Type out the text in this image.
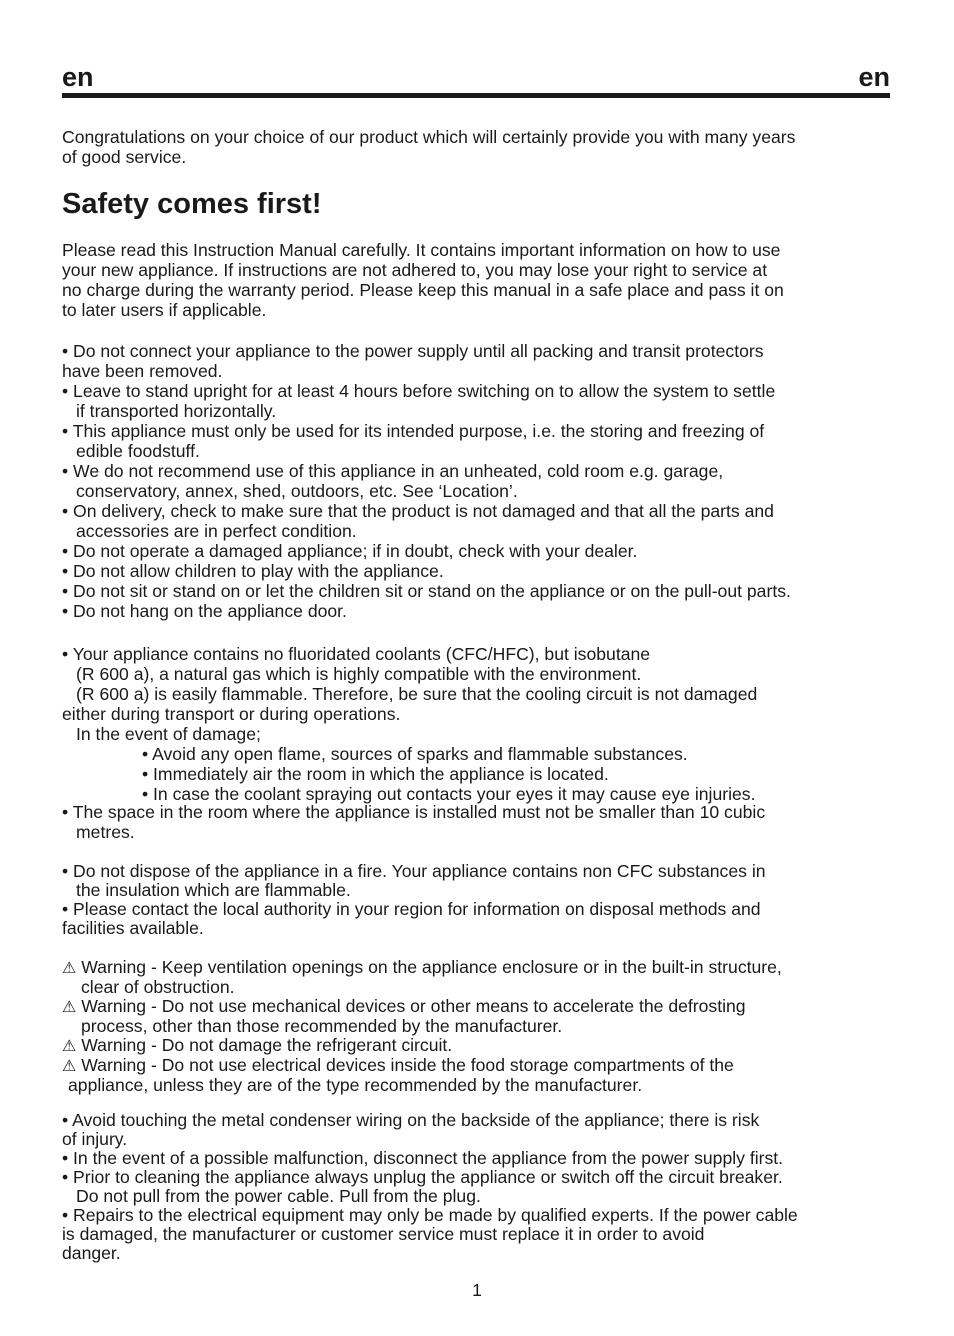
en	en

Congratulations on your choice of our product which will certainly provide you with many years

of good service.

Safety comes first!

Please read this Instruction Manual carefully. It contains important information on how to use

your new appliance. If instructions are not adhered to, you may lose your right to service at

no charge during the warranty period. Please keep this manual in a safe place and pass it on

to later users if applicable.

• Do not connect your appliance to the power supply until all packing and transit protectors

have been removed.

• Leave to stand upright for at least 4 hours before switching on to allow the system to settle

if transported horizontally.

• This appliance must only be used for its intended purpose, i.e. the storing and freezing of

edible foodstuff.

• We do not recommend use of this appliance in an unheated, cold room e.g. garage,

conservatory, annex, shed, outdoors, etc. See ‘Location’.

• On delivery, check to make sure that the product is not damaged and that all the parts and

accessories are in perfect condition.

• Do not operate a damaged appliance; if in doubt, check with your dealer.

• Do not allow children to play with the appliance.

• Do not sit or stand on or let the children sit or stand on the appliance or on the pull-out parts.

• Do not hang on the appliance door.

• Your appliance contains no fluoridated coolants (CFC/HFC), but isobutane

(R 600 a), a natural gas which is highly compatible with the environment.

(R 600 a) is easily flammable. Therefore, be sure that the cooling circuit is not damaged

either during transport or during operations.

In the event of damage;

• Avoid any open flame, sources of sparks and flammable substances.

• Immediately air the room in which the appliance is located.

• In case the coolant spraying out contacts your eyes it may cause eye injuries.

• The space in the room where the appliance is installed must not be smaller than 10 cubic

metres.

• Do not dispose of the appliance in a fire. Your appliance contains non CFC substances in

the insulation which are flammable.

• Please contact the local authority in your region for information on disposal methods and

facilities available.

⚠ Warning - Keep ventilation openings on the appliance enclosure or in the built-in structure,

clear of obstruction.

⚠ Warning - Do not use mechanical devices or other means to accelerate the defrosting

process, other than those recommended by the manufacturer.

⚠ Warning - Do not damage the refrigerant circuit.

⚠ Warning - Do not use electrical devices inside the food storage compartments of the

appliance, unless they are of the type recommended by the manufacturer.

• Avoid touching the metal condenser wiring on the backside of the appliance; there is risk

of injury.

• In the event of a possible malfunction, disconnect the appliance from the power supply first.

• Prior to cleaning the appliance always unplug the appliance or switch off the circuit breaker.

Do not pull from the power cable. Pull from the plug.

• Repairs to the electrical equipment may only be made by qualified experts. If the power cable

is damaged, the manufacturer or customer service must replace it in order to avoid

danger.

1
